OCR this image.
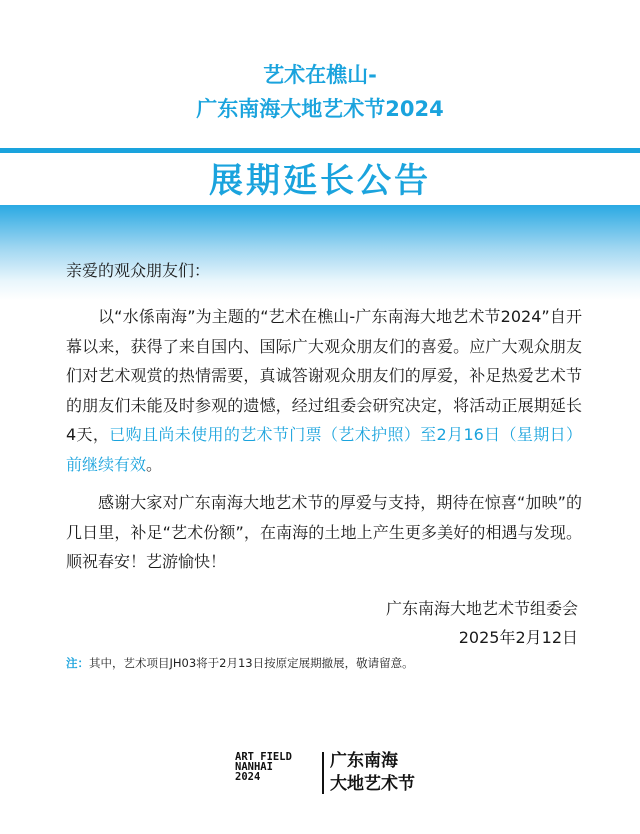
艺术在樵山-
广东南海大地艺术节2024
展期延长公告
亲爱的观众朋友们：
以“水係南海”为主题的“艺术在樵山-广东南海大地艺术节2024”自开幕以来，获得了来自国内、国际广大观众朋友们的喜爱。应广大观众朋友们对艺术观赏的热情需要，真诚答谢观众朋友们的厚爱，补足热爱艺术节的朋友们未能及时参观的遗憾，经过组委会研究决定，将活动正展期延长4天，已购且尚未使用的艺术节门票（艺术护照）至2月16日（星期日）前继续有效。
感谢大家对广东南海大地艺术节的厚爱与支持，期待在惊喜“加映”的几日里，补足“艺术份额”，在南海的土地上产生更多美好的相遇与发现。顺祝春安！艺游愉快！
广东南海大地艺术节组委会
2025年2月12日
注：其中，艺术项目JH03将于2月13日按原定展期撤展，敬请留意。
ART FIELD
NANHAI
2024
广东南海
大地艺术节
